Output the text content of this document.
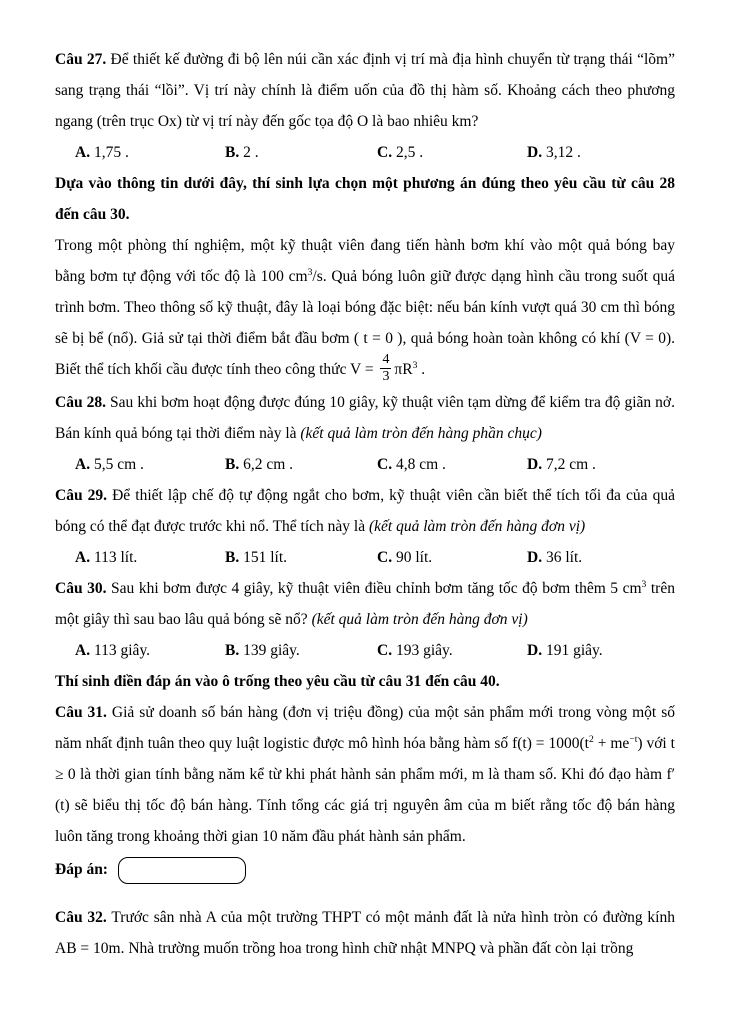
Câu 27. Để thiết kế đường đi bộ lên núi cần xác định vị trí mà địa hình chuyển từ trạng thái “lõm” sang trạng thái “lồi”. Vị trí này chính là điểm uốn của đồ thị hàm số. Khoảng cách theo phương ngang (trên trục Ox) từ vị trí này đến gốc tọa độ O là bao nhiêu km?

A. 1,75 .	B. 2 .	C. 2,5 .	D. 3,12 .

Dựa vào thông tin dưới đây, thí sinh lựa chọn một phương án đúng theo yêu cầu từ câu 28 đến câu 30.

Trong một phòng thí nghiệm, một kỹ thuật viên đang tiến hành bơm khí vào một quả bóng bay bằng bơm tự động với tốc độ là 100 $cm^3/s$. Quả bóng luôn giữ được dạng hình cầu trong suốt quá trình bơm. Theo thông số kỹ thuật, đây là loại bóng đặc biệt: nếu bán kính vượt quá 30 cm thì bóng sẽ bị bể (nổ). Giả sử tại thời điểm bắt đầu bơm ( t = 0 ), quả bóng hoàn toàn không có khí (V = 0). Biết thể tích khối cầu được tính theo công thức $V = \frac{4}{3} \pi R^3$ .

Câu 28. Sau khi bơm hoạt động được đúng 10 giây, kỹ thuật viên tạm dừng để kiểm tra độ giãn nở. Bán kính quả bóng tại thời điểm này là (kết quả làm tròn đến hàng phần chục)

A. 5,5 cm .	B. 6,2 cm .	C. 4,8 cm .	D. 7,2 cm .

Câu 29. Để thiết lập chế độ tự động ngắt cho bơm, kỹ thuật viên cần biết thể tích tối đa của quả bóng có thể đạt được trước khi nổ. Thể tích này là (kết quả làm tròn đến hàng đơn vị)

A. 113 lít.	B. 151 lít.	C. 90 lít.	D. 36 lít.

Câu 30. Sau khi bơm được 4 giây, kỹ thuật viên điều chỉnh bơm tăng tốc độ bơm thêm 5 $cm^3$ trên một giây thì sau bao lâu quả bóng sẽ nổ? (kết quả làm tròn đến hàng đơn vị)

A. 113 giây.	B. 139 giây.	C. 193 giây.	D. 191 giây.

Thí sinh điền đáp án vào ô trống theo yêu cầu từ câu 31 đến câu 40.

Câu 31. Giả sử doanh số bán hàng (đơn vị triệu đồng) của một sản phẩm mới trong vòng một số năm nhất định tuân theo quy luật logistic được mô hình hóa bằng hàm số $f(t) = 1000(t^2 + me^{-t})$ với t ≥ 0 là thời gian tính bằng năm kể từ khi phát hành sản phẩm mới, m là tham số. Khi đó đạo hàm f′(t) sẽ biểu thị tốc độ bán hàng. Tính tổng các giá trị nguyên âm của m biết rằng tốc độ bán hàng luôn tăng trong khoảng thời gian 10 năm đầu phát hành sản phẩm.

Đáp án:

Câu 32. Trước sân nhà A của một trường THPT có một mảnh đất là nửa hình tròn có đường kính AB = 10m. Nhà trường muốn trồng hoa trong hình chữ nhật MNPQ và phần đất còn lại trồng
